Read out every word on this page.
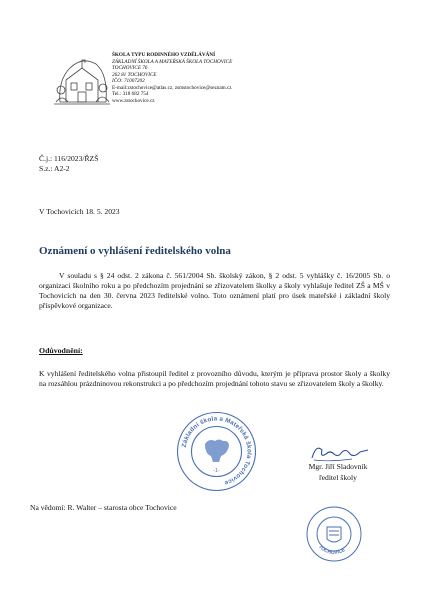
ŠKOLA TYPU RODINNÉHO VZDĚLÁVÁNÍ
ZÁKLADNÍ ŠKOLA A MATEŘSKÁ ŠKOLA TOCHOVICE
TOCHOVICE 76
262 81 TOCHOVICE
IČO: 71007202
E-mail:zstochovice@atlas.cz, zsmstochovice@seznam.cz
Tel.: 318 682 754
www.zstochovice.cz
Č.j.: 116/2023/ŘZŠ
S.z.: A2-2
V Tochovicích 18. 5. 2023
Oznámení o vyhlášení ředitelského volna
V souladu s § 24 odst. 2 zákona č. 561/2004 Sb. školský zákon, § 2 odst. 5 vyhlášky č. 16/2005 Sb. o organizaci školního roku a po předchozím projednání se zřizovatelem školky a školy vyhlašuje ředitel ZŠ a MŠ v Tochovicích na den 30. června 2023 ředitelské volno. Toto oznámení platí pro úsek mateřské i základní školy příspěvkové organizace.
Odůvodnění:
K vyhlášení ředitelského volna přistoupil ředitel z provozního důvodu, kterým je příprava prostor školy a školky na rozsáhlou prázdninovou rekonstrukci a po předchozím projednání tohoto stavu se zřizovatelem školy a školky.
Základní škola a Mateřská škola Tochovice
-1-	Mgr. Jiří Sladovník
ředitel školy
Na vědomí: R. Walter – starosta obce Tochovice
TOCHOVICE
